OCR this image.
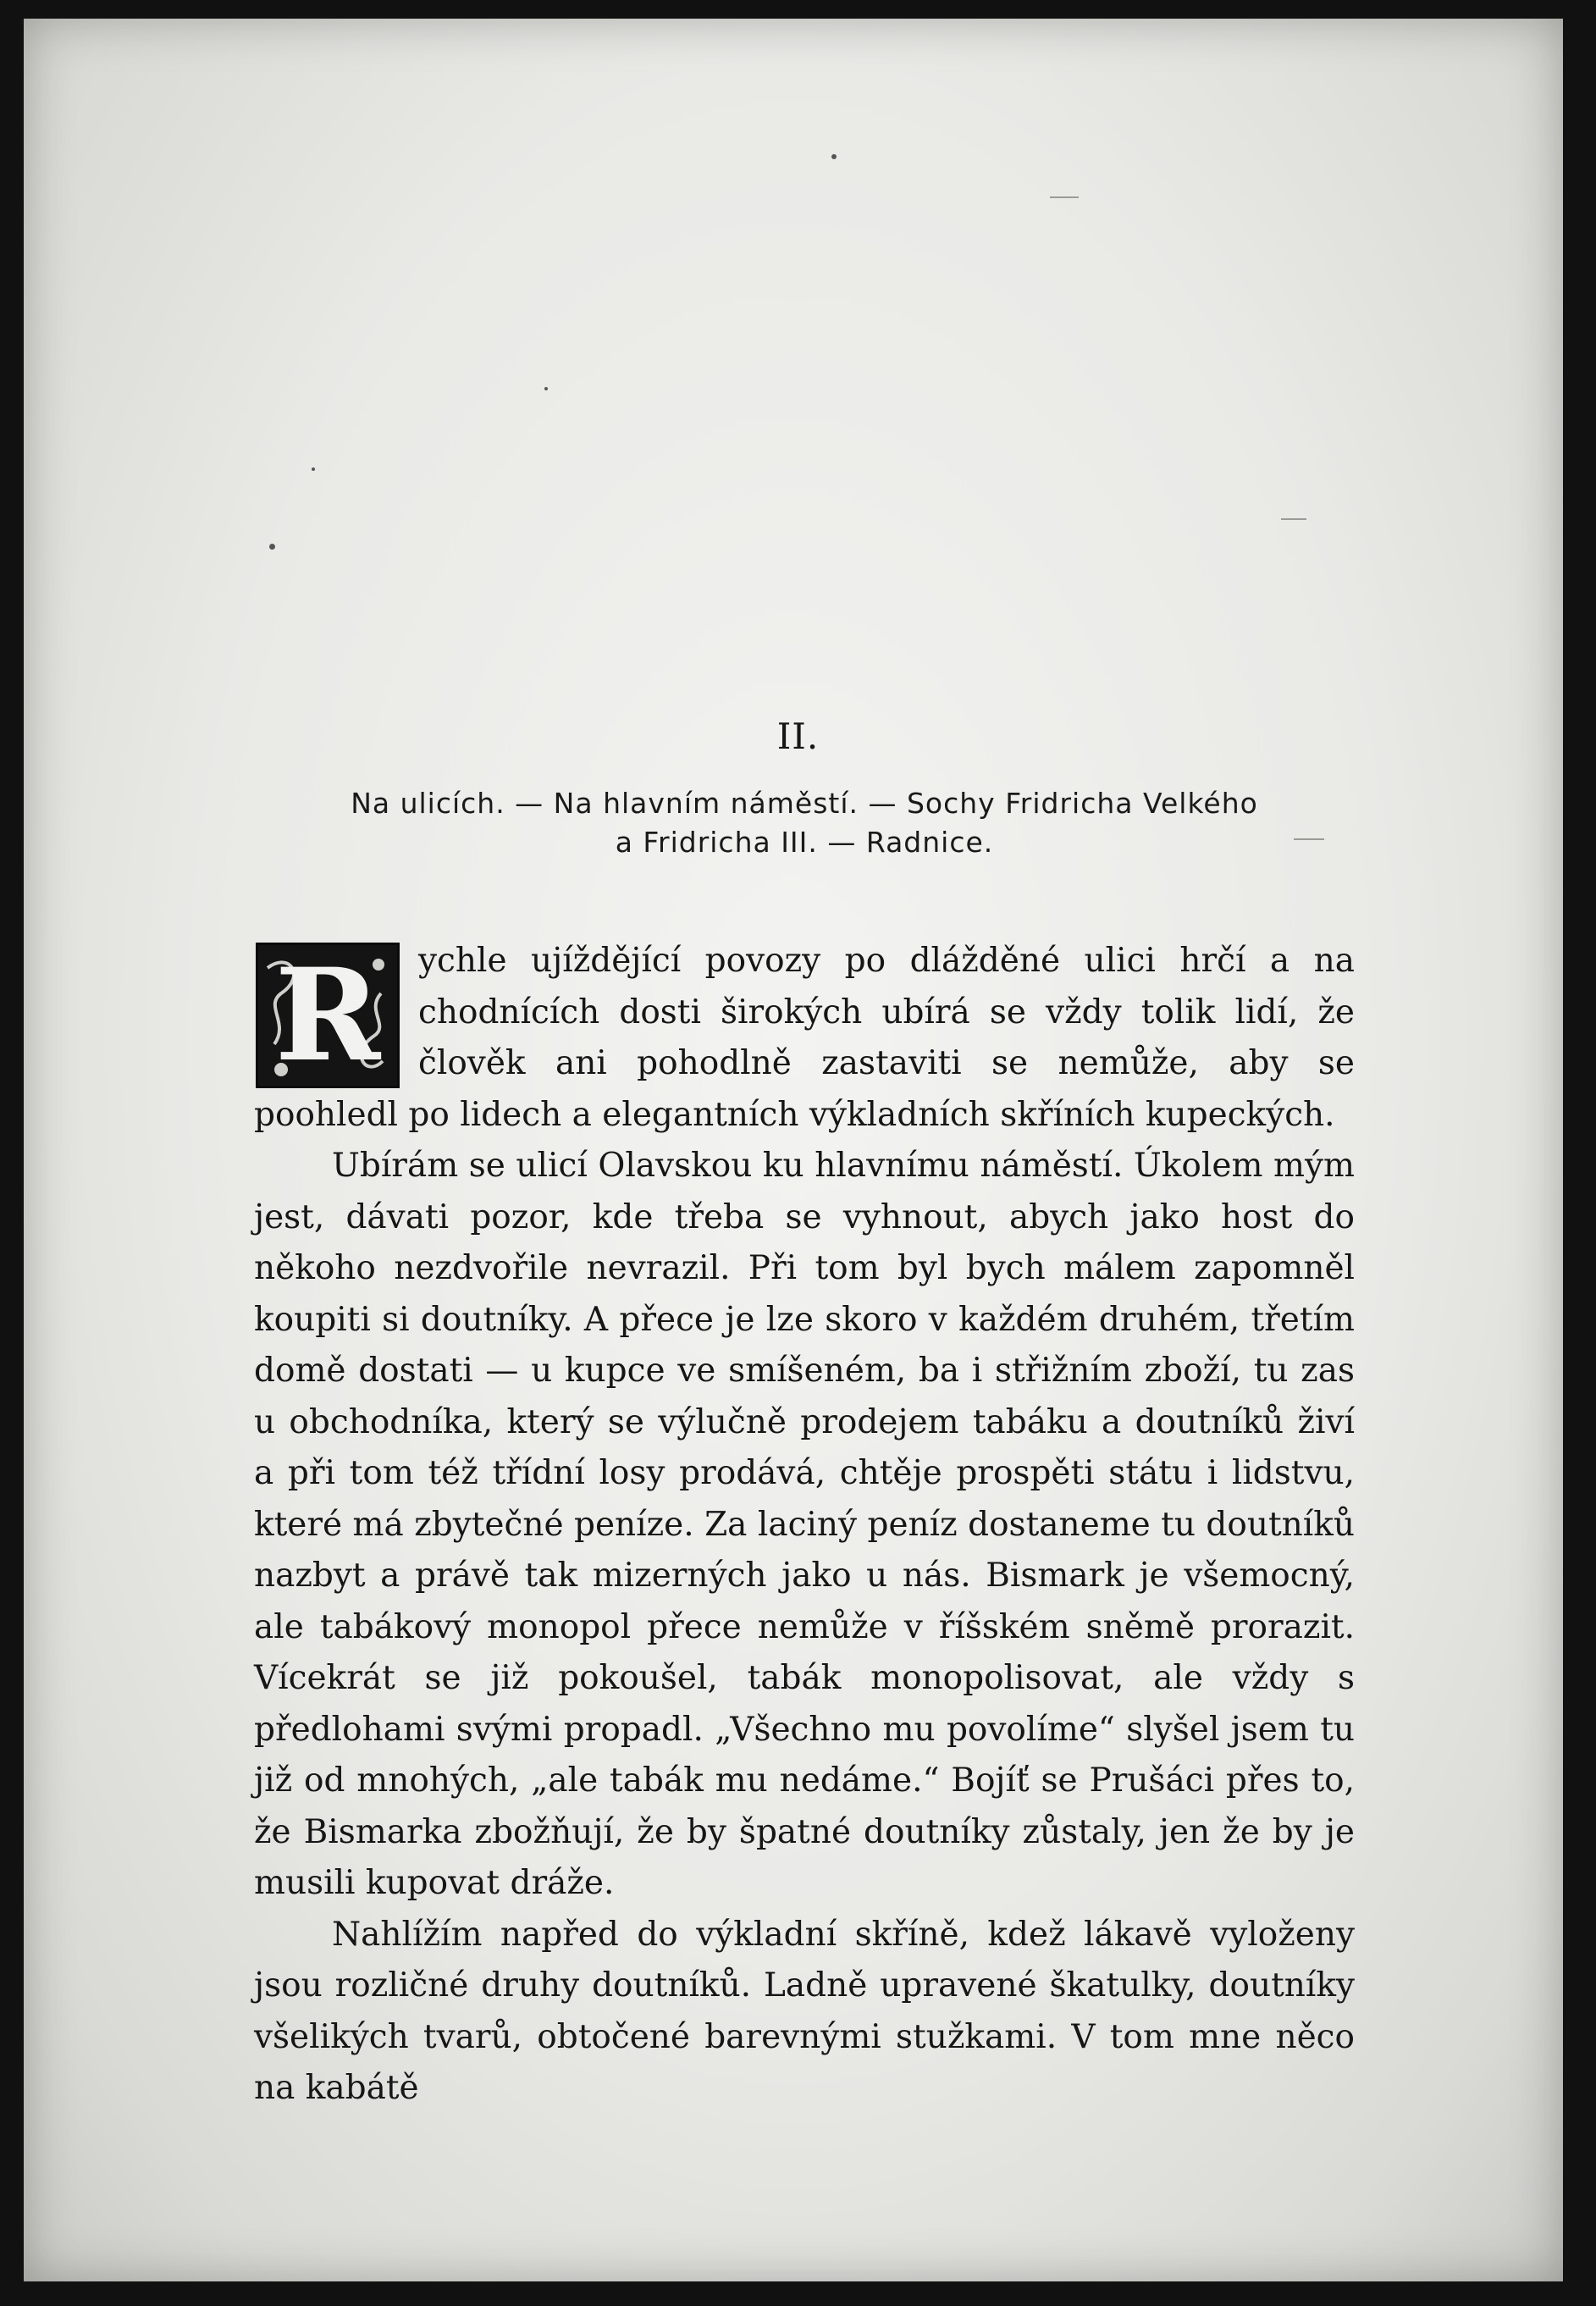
II.
Na ulicích. — Na hlavním náměstí. — Sochy Fridricha Velkého
a Fridricha III. — Radnice.

R	ychle ujíždějící povozy po dlážděné ulici hrčí a na chodnících dosti širokých ubírá se vždy tolik lidí, že člověk ani pohodlně zastaviti se nemůže, aby se poohledl po lidech a elegantních výkladních skříních kupeckých.

Ubírám se ulicí Olavskou ku hlavnímu náměstí. Úkolem mým jest, dávati pozor, kde třeba se vyhnout, abych jako host do někoho nezdvořile nevrazil. Při tom byl bych málem zapomněl koupiti si doutníky. A přece je lze skoro v každém druhém, třetím domě dostati — u kupce ve smíšeném, ba i střižním zboží, tu zas u obchodníka, který se výlučně prodejem tabáku a doutníků živí a při tom též třídní losy prodává, chtěje prospěti státu i lidstvu, které má zbytečné peníze. Za laciný peníz dostaneme tu doutníků nazbyt a právě tak mizerných jako u nás. Bismark je všemocný, ale tabákový monopol přece nemůže v říšském sněmě prorazit. Vícekrát se již pokoušel, tabák monopolisovat, ale vždy s předlohami svými propadl. „Všechno mu povolíme“ slyšel jsem tu již od mnohých, „ale tabák mu nedáme.“ Bojíť se Prušáci přes to, že Bismarka zbožňují, že by špatné doutníky zůstaly, jen že by je musili kupovat dráže.

Nahlížím napřed do výkladní skříně, kdež lákavě vyloženy jsou rozličné druhy doutníků. Ladně upravené škatulky, doutníky všelikých tvarů, obtočené barevnými stužkami. V tom mne něco na kabátě
